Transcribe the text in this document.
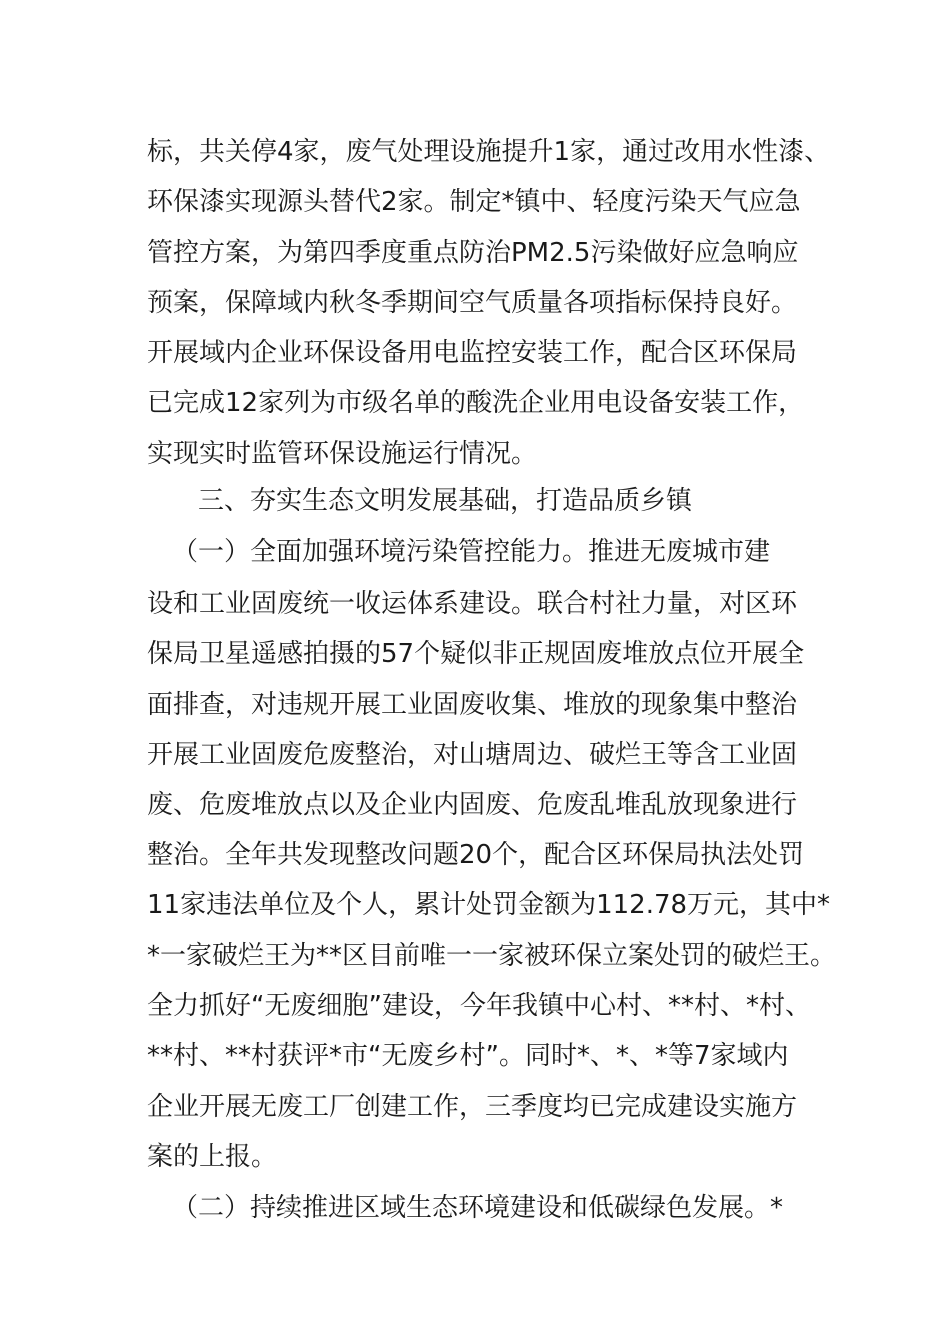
标，共关停4家，废气处理设施提升1家，通过改用水性漆、
环保漆实现源头替代2家。制定*镇中、轻度污染天气应急
管控方案，为第四季度重点防治PM2.5污染做好应急响应
预案，保障域内秋冬季期间空气质量各项指标保持良好。
开展域内企业环保设备用电监控安装工作，配合区环保局
已完成12家列为市级名单的酸洗企业用电设备安装工作，
实现实时监管环保设施运行情况。
三、夯实生态文明发展基础，打造品质乡镇
（一）全面加强环境污染管控能力。推进无废城市建
设和工业固废统一收运体系建设。联合村社力量，对区环
保局卫星遥感拍摄的57个疑似非正规固废堆放点位开展全
面排查，对违规开展工业固废收集、堆放的现象集中整治
开展工业固废危废整治，对山塘周边、破烂王等含工业固
废、危废堆放点以及企业内固废、危废乱堆乱放现象进行
整治。全年共发现整改问题20个，配合区环保局执法处罚
11家违法单位及个人，累计处罚金额为112.78万元，其中*
*一家破烂王为**区目前唯一一家被环保立案处罚的破烂王。
全力抓好“无废细胞”建设，今年我镇中心村、**村、*村、
**村、**村获评*市“无废乡村”。同时*、*、*等7家域内
企业开展无废工厂创建工作，三季度均已完成建设实施方
案的上报。
（二）持续推进区域生态环境建设和低碳绿色发展。*
